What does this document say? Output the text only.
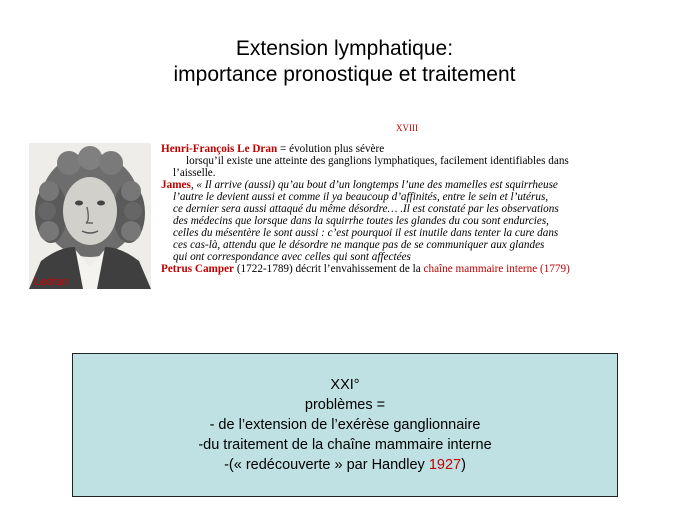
Extension lymphatique:
importance pronostique et traitement
XVIII
Ledran
Henri-François Le Dran = évolution plus sévère
lorsqu’il existe une atteinte des ganglions lymphatiques, facilement identifiables dans
l’aisselle.
James, « Il arrive (aussi) qu’au bout d’un longtemps l’une des mamelles est squirrheuse
l’autre le devient aussi et comme il ya beaucoup d’affinités, entre le sein et l’utérus,
ce dernier sera aussi attaqué du même désordre… .Il est constaté par les observations
des médecins que lorsque dans la squirrhe toutes les glandes du cou sont endurcies,
celles du mésentère le sont aussi : c’est pourquoi il est inutile dans tenter la cure dans
ces cas-là, attendu que le désordre ne manque pas de se communiquer aux glandes
qui ont correspondance avec celles qui sont affectées
Petrus Camper (1722-1789) décrit l’envahissement de la chaîne mammaire interne (1779)
XXI°
problèmes =
- de l’extension de l’exérèse ganglionnaire
-du traitement de la chaîne mammaire interne
-(« redécouverte » par Handley 1927)
